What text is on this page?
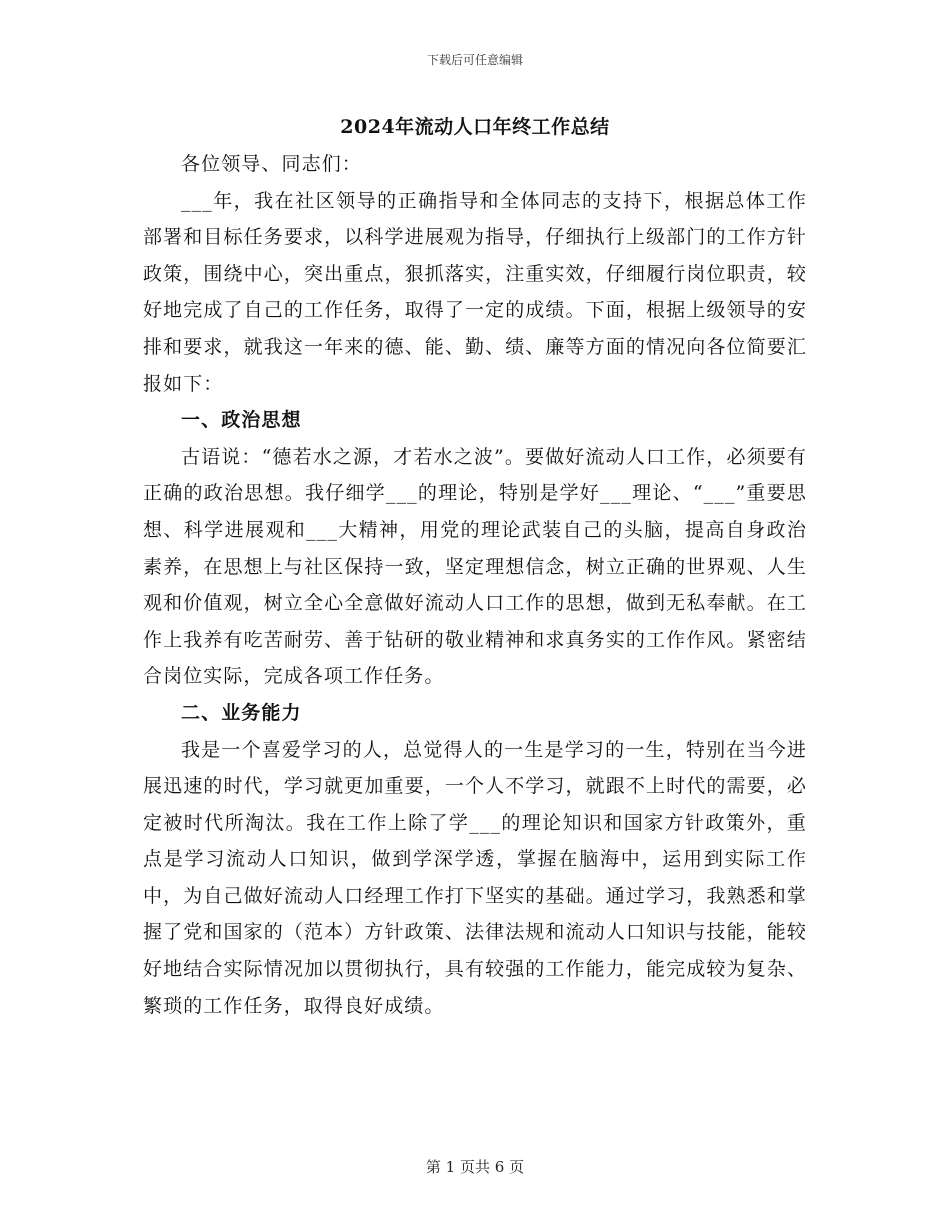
下载后可任意编辑
2024年流动人口年终工作总结

各位领导、同志们：

___年，我在社区领导的正确指导和全体同志的支持下，根据总体工作部署和目标任务要求，以科学进展观为指导，仔细执行上级部门的工作方针政策，围绕中心，突出重点，狠抓落实，注重实效，仔细履行岗位职责，较好地完成了自己的工作任务，取得了一定的成绩。下面，根据上级领导的安排和要求，就我这一年来的德、能、勤、绩、廉等方面的情况向各位简要汇报如下：

一、政治思想

古语说：“德若水之源，才若水之波”。要做好流动人口工作，必须要有正确的政治思想。我仔细学___的理论，特别是学好___理论、“___”重要思想、科学进展观和___大精神，用党的理论武装自己的头脑，提高自身政治素养，在思想上与社区保持一致，坚定理想信念，树立正确的世界观、人生观和价值观，树立全心全意做好流动人口工作的思想，做到无私奉献。在工作上我养有吃苦耐劳、善于钻研的敬业精神和求真务实的工作作风。紧密结合岗位实际，完成各项工作任务。

二、业务能力

我是一个喜爱学习的人，总觉得人的一生是学习的一生，特别在当今进展迅速的时代，学习就更加重要，一个人不学习，就跟不上时代的需要，必定被时代所淘汰。我在工作上除了学___的理论知识和国家方针政策外，重点是学习流动人口知识，做到学深学透，掌握在脑海中，运用到实际工作中，为自己做好流动人口经理工作打下坚实的基础。通过学习，我熟悉和掌握了党和国家的（范本）方针政策、法律法规和流动人口知识与技能，能较好地结合实际情况加以贯彻执行，具有较强的工作能力，能完成较为复杂、繁琐的工作任务，取得良好成绩。

第 1 页共 6 页
